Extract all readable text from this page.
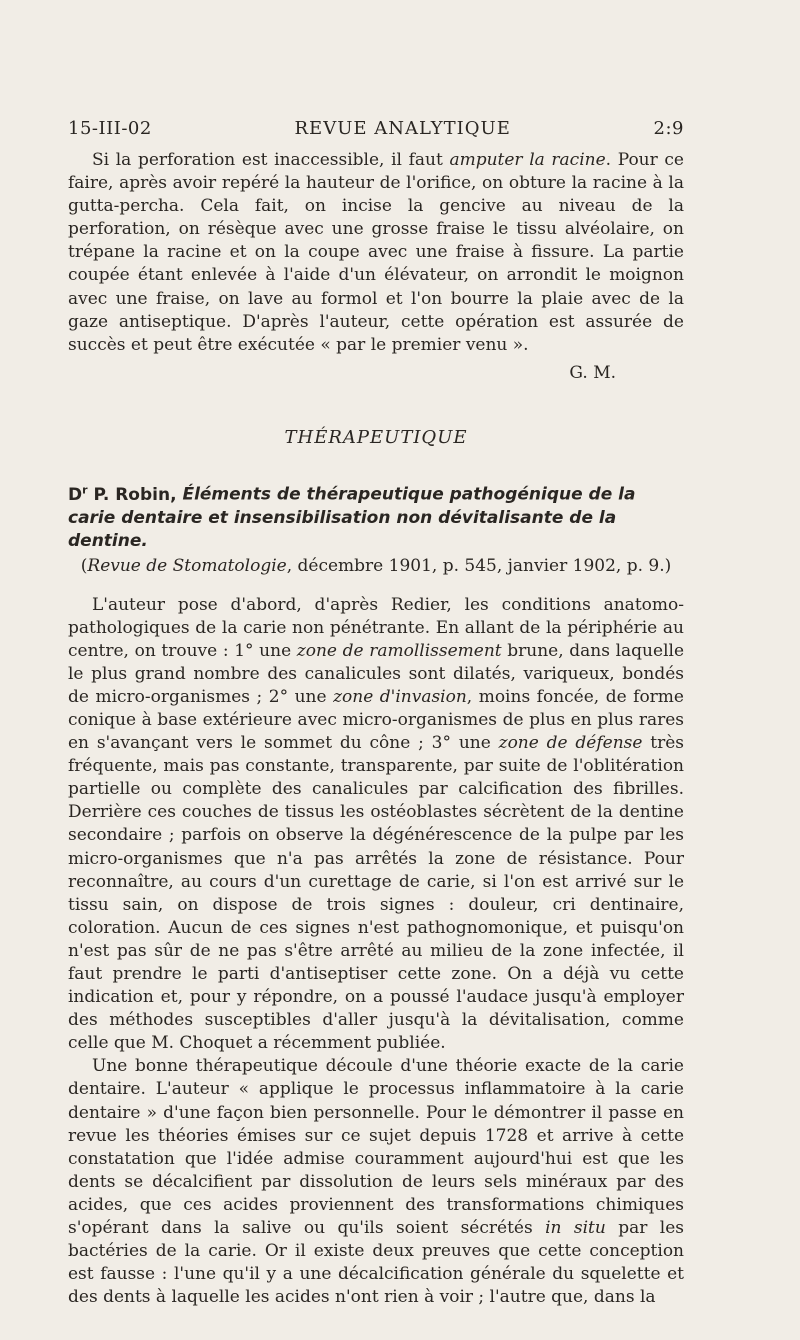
15-III-02	REVUE ANALYTIQUE	2:9

Si la perforation est inaccessible, il faut amputer la racine. Pour ce faire, après avoir repéré la hauteur de l'orifice, on obture la racine à la gutta-percha. Cela fait, on incise la gencive au niveau de la perforation, on résèque avec une grosse fraise le tissu alvéolaire, on trépane la racine et on la coupe avec une fraise à fissure. La partie coupée étant enlevée à l'aide d'un élévateur, on arrondit le moignon avec une fraise, on lave au formol et l'on bourre la plaie avec de la gaze antiseptique. D'après l'auteur, cette opération est assurée de succès et peut être exécutée « par le premier venu ».

G. M.
THÉRAPEUTIQUE
$D^r$ P. Robin, Éléments de thérapeutique pathogénique de la carie dentaire et insensibilisation non dévitalisante de la dentine.
(Revue de Stomatologie, décembre 1901, p. 545, janvier 1902, p. 9.)

L'auteur pose d'abord, d'après Redier, les conditions anatomo-pathologiques de la carie non pénétrante. En allant de la périphérie au centre, on trouve : 1° une zone de ramollissement brune, dans laquelle le plus grand nombre des canalicules sont dilatés, variqueux, bondés de micro-organismes ; 2° une zone d'invasion, moins foncée, de forme conique à base extérieure avec micro-organismes de plus en plus rares en s'avançant vers le sommet du cône ; 3° une zone de défense très fréquente, mais pas constante, transparente, par suite de l'oblitération partielle ou complète des canalicules par calcification des fibrilles. Derrière ces couches de tissus les ostéoblastes sécrètent de la dentine secondaire ; parfois on observe la dégénérescence de la pulpe par les micro-organismes que n'a pas arrêtés la zone de résistance. Pour reconnaître, au cours d'un curettage de carie, si l'on est arrivé sur le tissu sain, on dispose de trois signes : douleur, cri dentinaire, coloration. Aucun de ces signes n'est pathognomonique, et puisqu'on n'est pas sûr de ne pas s'être arrêté au milieu de la zone infectée, il faut prendre le parti d'antiseptiser cette zone. On a déjà vu cette indication et, pour y répondre, on a poussé l'audace jusqu'à employer des méthodes susceptibles d'aller jusqu'à la dévitalisation, comme celle que M. Choquet a récemment publiée.

Une bonne thérapeutique découle d'une théorie exacte de la carie dentaire. L'auteur « applique le processus inflammatoire à la carie dentaire » d'une façon bien personnelle. Pour le démontrer il passe en revue les théories émises sur ce sujet depuis 1728 et arrive à cette constatation que l'idée admise couramment aujourd'hui est que les dents se décalcifient par dissolution de leurs sels minéraux par des acides, que ces acides proviennent des transformations chimiques s'opérant dans la salive ou qu'ils soient sécrétés in situ par les bactéries de la carie. Or il existe deux preuves que cette conception est fausse : l'une qu'il y a une décalcification générale du squelette et des dents à laquelle les acides n'ont rien à voir ; l'autre que, dans la
